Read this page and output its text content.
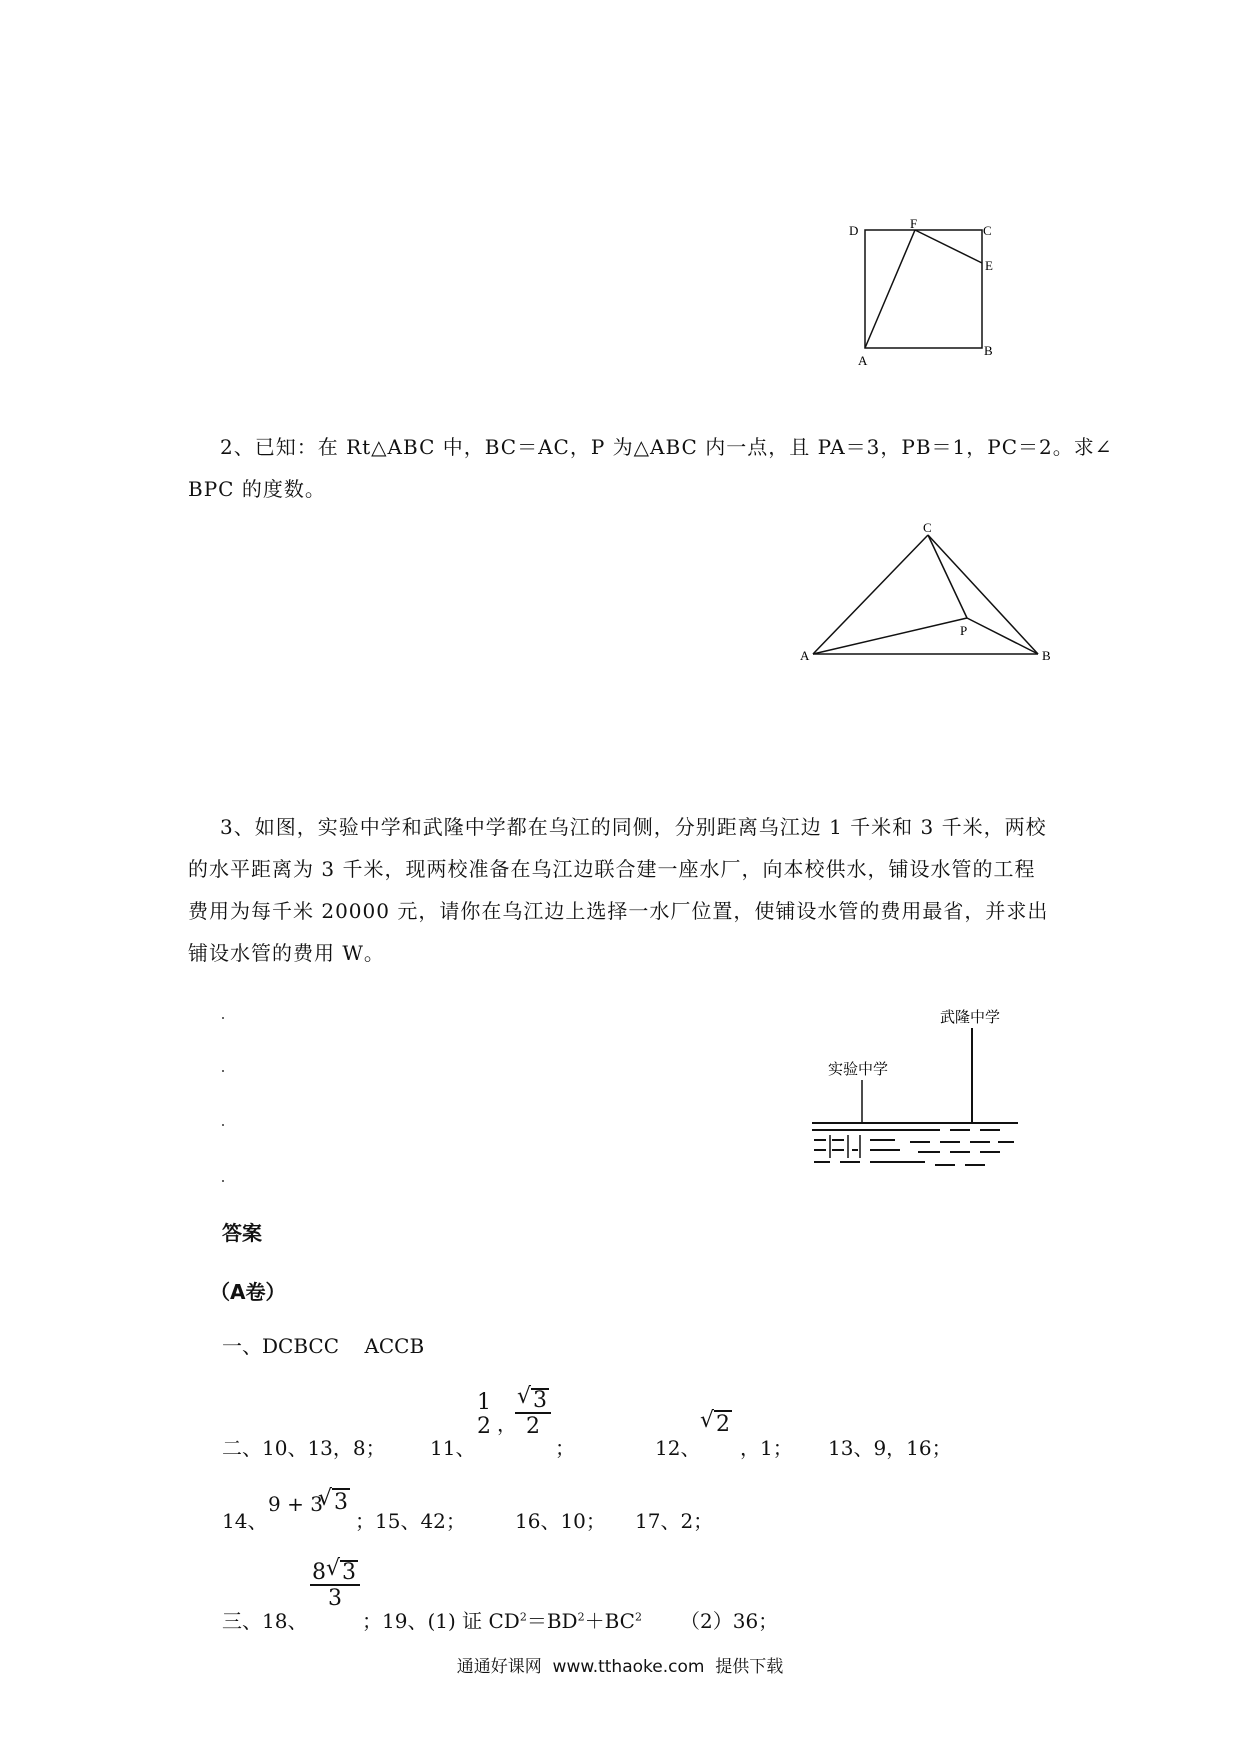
D	F	C
E
A
B
2、已知：在 Rt△ABC 中，BC＝AC，P 为△ABC 内一点，且 PA＝3，PB＝1，PC＝2。求∠
BPC 的度数。
C
P
A	B
3、如图，实验中学和武隆中学都在乌江的同侧，分别距离乌江边 1 千米和 3 千米，两校
的水平距离为 3 千米，现两校准备在乌江边联合建一座水厂，向本校供水，铺设水管的工程
费用为每千米 20000 元，请你在乌江边上选择一水厂位置，使铺设水管的费用最省，并求出
铺设水管的费用 W。
武隆中学
实验中学
答案
（A卷）
一、DCBCC    ACCB
二、10、13，8； 11、
1
2 ，
$\frac{√ 3}{2}$
；	12、
√ 2
，1； 13、9，16；
14、
9 + 3
√ 3
；15、42； 16、10； 17、2；
三、18、
$\frac{8 √ 3}{3}$
；19、(1) 证 $CD^2=BD^2+BC^2$ （2）36；
通通好课网  www.tthaoke.com  提供下载
